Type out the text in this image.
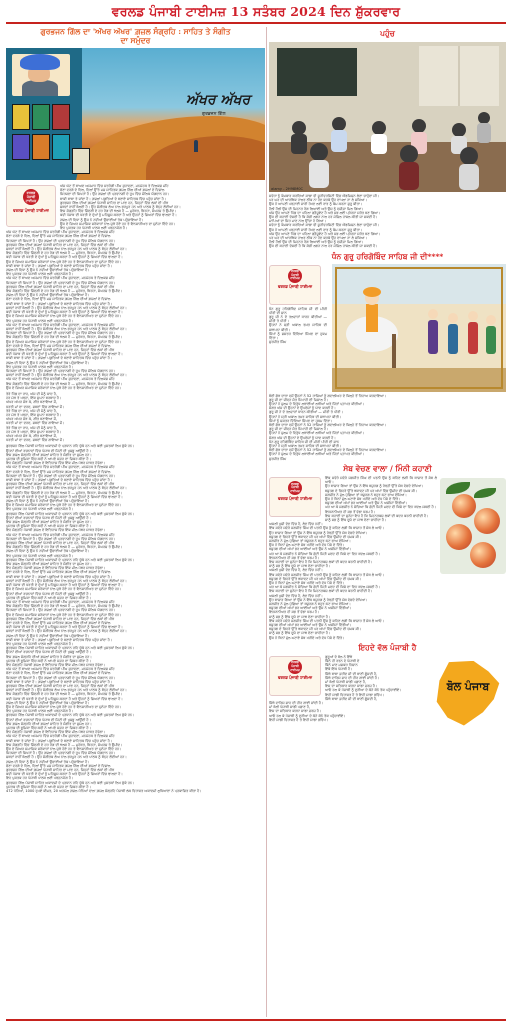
ਵਰਲਡ ਪੰਜਾਬੀ ਟਾਈਮਜ਼ 13 ਸਤੰਬਰ 2024 ਦਿਨ ਸ਼ੁੱਕਰਵਾਰ
ਗੁਰਭਜਨ ਗਿੱਲ ਦਾ 'ਅੱਖਰ ਅੱਖਰ' ਗ਼ਜ਼ਲ ਸੰਗ੍ਰਹਿ : ਸਾਹਿਤ ਤੇ ਸੰਗੀਤ
ਦਾ ਸਮੁੰਦਰ
ਅੱਖਰ ਅੱਖਰ
ਗੁਰਭਜਨ ਗਿੱਲ
ਵਰਲਡ ਪੰਜਾਬੀ ਟਾਈਮਜ਼
ਵਰਲਡ ਪੰਜਾਬੀ ਟਾਈਮਜ਼
ਅੱਜ ਘੋਟ ਤੋਂ ਬਾਅਦ ਅਸਮਾਨ ਵਿੱਚ ਸਤਰੰਗੀ ਪੀਂਘ ਸੁਹਾਵਣਾ, ਮਨਮੋਹਕ ਤੇ ਦਿਲਕਸ਼ ਮੀਂਹ
ਚੋਣਾ ਵਰਗੇ ਦੇ ਦਿਲ, ਦਿਲਾਂ ਉੱਤੇ ਮਜ਼ ਸਾਹਿਤਕ ਗ਼ਜ਼ਲ ਗਿੱਲ ਦੀਆਂ ਗ਼ਜ਼ਲਾਂ ਦੇ ਵਿਸ਼ਾਲ
ਸਿਰਜਣਾ ਦੀ ਸਿਖਰਾਂ ਹੈ। ਉਹ ਗਜ਼ਲਾਂ ਦੀ ਪ੍ਰਵਾਨਗੀ ਦੇ ਰੂਪ ਵਿੱਚ ਮੌਲਿਕ ਯੋਗਦਾਨ ਹਨ।
ਬਾਕੀ ਬਾਬਾ ਤੇ ਜਾਂਦਾ ਹੈ। ਗ਼ਜ਼ਲਾਂ ਪਗ਼ੁਤਿਆਂ ਦੇ ਬਣਾਏ ਸਾਹਿਤਕ ਵਿੱਚ ਪਹੁੰਚ ਜਾਂਦਾ ਹੈ।
ਗੁਰਭਜਨ ਗਿੱਲ ਦੀਆਂ ਗ਼ਜ਼ਲਾਂ ਪੰਜਾਬੀ ਸਾਹਿਤ ਦਾ ਮਾਣ ਹਨ, ਜਿਨ੍ਹਾਂ ਵਿੱਚ ਲੋਕਾਂ ਦੀ ਪੀੜ
ਸ਼ਬਦਾਂ ਰਾਹੀਂ ਬੋਲਦੀ ਹੈ। ਉਹ ਸੰਗੀਤਕ ਲੈਅ ਨਾਲ ਭਰਪੂਰ ਹਨ ਅਤੇ ਪਾਠਕ ਨੂੰ ਬੰਨ੍ਹ ਲੈਂਦੀਆਂ ਹਨ।
ਇਸ ਸੰਗ੍ਰਹਿ ਵਿੱਚ ਜ਼ਿੰਦਗੀ ਦੇ ਹਰ ਰੰਗ ਦੀ ਝਲਕ ਹੈ — ਮੁਹੱਬਤ, ਬਿਰਹਾ, ਸੰਘਰਸ਼ ਤੇ ਉਮੀਦ।
ਕਵੀ ਪੰਜਾਬ ਦੀ ਧਰਤੀ ਦੇ ਦੁੱਖਾਂ ਨੂੰ ਮਹਿਸੂਸ ਕਰਦਾ ਹੈ ਅਤੇ ਉਹਨਾਂ ਨੂੰ ਸ਼ਿਅਰਾਂ ਵਿੱਚ ਢਾਲਦਾ ਹੈ।
ਗ਼ਜ਼ਲ ਦੀ ਵਿਧਾ ਨੂੰ ਉਸ ਨੇ ਨਵੀਆਂ ਉਚਾਈਆਂ ਤੱਕ ਪਹੁੰਚਾਇਆ ਹੈ।
ਉਸ ਦੇ ਸ਼ਿਅਰ ਸਮਾਜਿਕ ਸਰੋਕਾਰਾਂ ਨਾਲ ਜੁੜੇ ਹੋਏ ਹਨ ਤੇ ਇਨਸਾਨੀਅਤ ਦਾ ਸੁਨੇਹਾ ਦਿੰਦੇ ਹਨ।
ਇਹ ਪੁਸਤਕ ਹਰ ਪੰਜਾਬੀ ਪਾਠਕ ਲਈ ਪੜ੍ਹਨਯੋਗ ਹੈ।
ਅੱਜ ਘੋਟ ਤੋਂ ਬਾਅਦ ਅਸਮਾਨ ਵਿੱਚ ਸਤਰੰਗੀ ਪੀਂਘ ਸੁਹਾਵਣਾ, ਮਨਮੋਹਕ ਤੇ ਦਿਲਕਸ਼ ਮੀਂਹ
ਚੋਣਾ ਵਰਗੇ ਦੇ ਦਿਲ, ਦਿਲਾਂ ਉੱਤੇ ਮਜ਼ ਸਾਹਿਤਕ ਗ਼ਜ਼ਲ ਗਿੱਲ ਦੀਆਂ ਗ਼ਜ਼ਲਾਂ ਦੇ ਵਿਸ਼ਾਲ
ਸਿਰਜਣਾ ਦੀ ਸਿਖਰਾਂ ਹੈ। ਉਹ ਗਜ਼ਲਾਂ ਦੀ ਪ੍ਰਵਾਨਗੀ ਦੇ ਰੂਪ ਵਿੱਚ ਮੌਲਿਕ ਯੋਗਦਾਨ ਹਨ।
ਗੁਰਭਜਨ ਗਿੱਲ ਦੀਆਂ ਗ਼ਜ਼ਲਾਂ ਪੰਜਾਬੀ ਸਾਹਿਤ ਦਾ ਮਾਣ ਹਨ, ਜਿਨ੍ਹਾਂ ਵਿੱਚ ਲੋਕਾਂ ਦੀ ਪੀੜ
ਸ਼ਬਦਾਂ ਰਾਹੀਂ ਬੋਲਦੀ ਹੈ। ਉਹ ਸੰਗੀਤਕ ਲੈਅ ਨਾਲ ਭਰਪੂਰ ਹਨ ਅਤੇ ਪਾਠਕ ਨੂੰ ਬੰਨ੍ਹ ਲੈਂਦੀਆਂ ਹਨ।
ਇਸ ਸੰਗ੍ਰਹਿ ਵਿੱਚ ਜ਼ਿੰਦਗੀ ਦੇ ਹਰ ਰੰਗ ਦੀ ਝਲਕ ਹੈ — ਮੁਹੱਬਤ, ਬਿਰਹਾ, ਸੰਘਰਸ਼ ਤੇ ਉਮੀਦ।
ਕਵੀ ਪੰਜਾਬ ਦੀ ਧਰਤੀ ਦੇ ਦੁੱਖਾਂ ਨੂੰ ਮਹਿਸੂਸ ਕਰਦਾ ਹੈ ਅਤੇ ਉਹਨਾਂ ਨੂੰ ਸ਼ਿਅਰਾਂ ਵਿੱਚ ਢਾਲਦਾ ਹੈ।
ਉਸ ਦੇ ਸ਼ਿਅਰ ਸਮਾਜਿਕ ਸਰੋਕਾਰਾਂ ਨਾਲ ਜੁੜੇ ਹੋਏ ਹਨ ਤੇ ਇਨਸਾਨੀਅਤ ਦਾ ਸੁਨੇਹਾ ਦਿੰਦੇ ਹਨ।
ਬਾਕੀ ਬਾਬਾ ਤੇ ਜਾਂਦਾ ਹੈ। ਗ਼ਜ਼ਲਾਂ ਪਗ਼ੁਤਿਆਂ ਦੇ ਬਣਾਏ ਸਾਹਿਤਕ ਵਿੱਚ ਪਹੁੰਚ ਜਾਂਦਾ ਹੈ।
ਗ਼ਜ਼ਲ ਦੀ ਵਿਧਾ ਨੂੰ ਉਸ ਨੇ ਨਵੀਆਂ ਉਚਾਈਆਂ ਤੱਕ ਪਹੁੰਚਾਇਆ ਹੈ।
ਇਹ ਪੁਸਤਕ ਹਰ ਪੰਜਾਬੀ ਪਾਠਕ ਲਈ ਪੜ੍ਹਨਯੋਗ ਹੈ।
ਅੱਜ ਘੋਟ ਤੋਂ ਬਾਅਦ ਅਸਮਾਨ ਵਿੱਚ ਸਤਰੰਗੀ ਪੀਂਘ ਸੁਹਾਵਣਾ, ਮਨਮੋਹਕ ਤੇ ਦਿਲਕਸ਼ ਮੀਂਹ
ਸਿਰਜਣਾ ਦੀ ਸਿਖਰਾਂ ਹੈ। ਉਹ ਗਜ਼ਲਾਂ ਦੀ ਪ੍ਰਵਾਨਗੀ ਦੇ ਰੂਪ ਵਿੱਚ ਮੌਲਿਕ ਯੋਗਦਾਨ ਹਨ।
ਗੁਰਭਜਨ ਗਿੱਲ ਦੀਆਂ ਗ਼ਜ਼ਲਾਂ ਪੰਜਾਬੀ ਸਾਹਿਤ ਦਾ ਮਾਣ ਹਨ, ਜਿਨ੍ਹਾਂ ਵਿੱਚ ਲੋਕਾਂ ਦੀ ਪੀੜ
ਇਸ ਸੰਗ੍ਰਹਿ ਵਿੱਚ ਜ਼ਿੰਦਗੀ ਦੇ ਹਰ ਰੰਗ ਦੀ ਝਲਕ ਹੈ — ਮੁਹੱਬਤ, ਬਿਰਹਾ, ਸੰਘਰਸ਼ ਤੇ ਉਮੀਦ।
ਗ਼ਜ਼ਲ ਦੀ ਵਿਧਾ ਨੂੰ ਉਸ ਨੇ ਨਵੀਆਂ ਉਚਾਈਆਂ ਤੱਕ ਪਹੁੰਚਾਇਆ ਹੈ।
ਚੋਣਾ ਵਰਗੇ ਦੇ ਦਿਲ, ਦਿਲਾਂ ਉੱਤੇ ਮਜ਼ ਸਾਹਿਤਕ ਗ਼ਜ਼ਲ ਗਿੱਲ ਦੀਆਂ ਗ਼ਜ਼ਲਾਂ ਦੇ ਵਿਸ਼ਾਲ
ਬਾਕੀ ਬਾਬਾ ਤੇ ਜਾਂਦਾ ਹੈ। ਗ਼ਜ਼ਲਾਂ ਪਗ਼ੁਤਿਆਂ ਦੇ ਬਣਾਏ ਸਾਹਿਤਕ ਵਿੱਚ ਪਹੁੰਚ ਜਾਂਦਾ ਹੈ।
ਸ਼ਬਦਾਂ ਰਾਹੀਂ ਬੋਲਦੀ ਹੈ। ਉਹ ਸੰਗੀਤਕ ਲੈਅ ਨਾਲ ਭਰਪੂਰ ਹਨ ਅਤੇ ਪਾਠਕ ਨੂੰ ਬੰਨ੍ਹ ਲੈਂਦੀਆਂ ਹਨ।
ਕਵੀ ਪੰਜਾਬ ਦੀ ਧਰਤੀ ਦੇ ਦੁੱਖਾਂ ਨੂੰ ਮਹਿਸੂਸ ਕਰਦਾ ਹੈ ਅਤੇ ਉਹਨਾਂ ਨੂੰ ਸ਼ਿਅਰਾਂ ਵਿੱਚ ਢਾਲਦਾ ਹੈ।
ਉਸ ਦੇ ਸ਼ਿਅਰ ਸਮਾਜਿਕ ਸਰੋਕਾਰਾਂ ਨਾਲ ਜੁੜੇ ਹੋਏ ਹਨ ਤੇ ਇਨਸਾਨੀਅਤ ਦਾ ਸੁਨੇਹਾ ਦਿੰਦੇ ਹਨ।
ਇਹ ਪੁਸਤਕ ਹਰ ਪੰਜਾਬੀ ਪਾਠਕ ਲਈ ਪੜ੍ਹਨਯੋਗ ਹੈ।
ਅੱਜ ਘੋਟ ਤੋਂ ਬਾਅਦ ਅਸਮਾਨ ਵਿੱਚ ਸਤਰੰਗੀ ਪੀਂਘ ਸੁਹਾਵਣਾ, ਮਨਮੋਹਕ ਤੇ ਦਿਲਕਸ਼ ਮੀਂਹ
ਸ਼ਬਦਾਂ ਰਾਹੀਂ ਬੋਲਦੀ ਹੈ। ਉਹ ਸੰਗੀਤਕ ਲੈਅ ਨਾਲ ਭਰਪੂਰ ਹਨ ਅਤੇ ਪਾਠਕ ਨੂੰ ਬੰਨ੍ਹ ਲੈਂਦੀਆਂ ਹਨ।
ਸਿਰਜਣਾ ਦੀ ਸਿਖਰਾਂ ਹੈ। ਉਹ ਗਜ਼ਲਾਂ ਦੀ ਪ੍ਰਵਾਨਗੀ ਦੇ ਰੂਪ ਵਿੱਚ ਮੌਲਿਕ ਯੋਗਦਾਨ ਹਨ।
ਇਸ ਸੰਗ੍ਰਹਿ ਵਿੱਚ ਜ਼ਿੰਦਗੀ ਦੇ ਹਰ ਰੰਗ ਦੀ ਝਲਕ ਹੈ — ਮੁਹੱਬਤ, ਬਿਰਹਾ, ਸੰਘਰਸ਼ ਤੇ ਉਮੀਦ।
ਉਸ ਦੇ ਸ਼ਿਅਰ ਸਮਾਜਿਕ ਸਰੋਕਾਰਾਂ ਨਾਲ ਜੁੜੇ ਹੋਏ ਹਨ ਤੇ ਇਨਸਾਨੀਅਤ ਦਾ ਸੁਨੇਹਾ ਦਿੰਦੇ ਹਨ।
ਚੋਣਾ ਵਰਗੇ ਦੇ ਦਿਲ, ਦਿਲਾਂ ਉੱਤੇ ਮਜ਼ ਸਾਹਿਤਕ ਗ਼ਜ਼ਲ ਗਿੱਲ ਦੀਆਂ ਗ਼ਜ਼ਲਾਂ ਦੇ ਵਿਸ਼ਾਲ
ਗੁਰਭਜਨ ਗਿੱਲ ਦੀਆਂ ਗ਼ਜ਼ਲਾਂ ਪੰਜਾਬੀ ਸਾਹਿਤ ਦਾ ਮਾਣ ਹਨ, ਜਿਨ੍ਹਾਂ ਵਿੱਚ ਲੋਕਾਂ ਦੀ ਪੀੜ
ਕਵੀ ਪੰਜਾਬ ਦੀ ਧਰਤੀ ਦੇ ਦੁੱਖਾਂ ਨੂੰ ਮਹਿਸੂਸ ਕਰਦਾ ਹੈ ਅਤੇ ਉਹਨਾਂ ਨੂੰ ਸ਼ਿਅਰਾਂ ਵਿੱਚ ਢਾਲਦਾ ਹੈ।
ਬਾਕੀ ਬਾਬਾ ਤੇ ਜਾਂਦਾ ਹੈ। ਗ਼ਜ਼ਲਾਂ ਪਗ਼ੁਤਿਆਂ ਦੇ ਬਣਾਏ ਸਾਹਿਤਕ ਵਿੱਚ ਪਹੁੰਚ ਜਾਂਦਾ ਹੈ।
ਗ਼ਜ਼ਲ ਦੀ ਵਿਧਾ ਨੂੰ ਉਸ ਨੇ ਨਵੀਆਂ ਉਚਾਈਆਂ ਤੱਕ ਪਹੁੰਚਾਇਆ ਹੈ।
ਇਹ ਪੁਸਤਕ ਹਰ ਪੰਜਾਬੀ ਪਾਠਕ ਲਈ ਪੜ੍ਹਨਯੋਗ ਹੈ।
ਸਿਰਜਣਾ ਦੀ ਸਿਖਰਾਂ ਹੈ। ਉਹ ਗਜ਼ਲਾਂ ਦੀ ਪ੍ਰਵਾਨਗੀ ਦੇ ਰੂਪ ਵਿੱਚ ਮੌਲਿਕ ਯੋਗਦਾਨ ਹਨ।
ਸ਼ਬਦਾਂ ਰਾਹੀਂ ਬੋਲਦੀ ਹੈ। ਉਹ ਸੰਗੀਤਕ ਲੈਅ ਨਾਲ ਭਰਪੂਰ ਹਨ ਅਤੇ ਪਾਠਕ ਨੂੰ ਬੰਨ੍ਹ ਲੈਂਦੀਆਂ ਹਨ।
ਅੱਜ ਘੋਟ ਤੋਂ ਬਾਅਦ ਅਸਮਾਨ ਵਿੱਚ ਸਤਰੰਗੀ ਪੀਂਘ ਸੁਹਾਵਣਾ, ਮਨਮੋਹਕ ਤੇ ਦਿਲਕਸ਼ ਮੀਂਹ
ਇਸ ਸੰਗ੍ਰਹਿ ਵਿੱਚ ਜ਼ਿੰਦਗੀ ਦੇ ਹਰ ਰੰਗ ਦੀ ਝਲਕ ਹੈ — ਮੁਹੱਬਤ, ਬਿਰਹਾ, ਸੰਘਰਸ਼ ਤੇ ਉਮੀਦ।
ਉਸ ਦੇ ਸ਼ਿਅਰ ਸਮਾਜਿਕ ਸਰੋਕਾਰਾਂ ਨਾਲ ਜੁੜੇ ਹੋਏ ਹਨ ਤੇ ਇਨਸਾਨੀਅਤ ਦਾ ਸੁਨੇਹਾ ਦਿੰਦੇ ਹਨ।
ਤੇਰੇ ਪਿੰਡ ਦਾ ਰਾਹ, ਅੱਜ ਵੀ ਮੈਨੂੰ ਯਾਦ ਹੈ,
ਹਰ ਮੋੜ ਤੇ ਖੜ੍ਹਾ, ਇੱਕ ਸੁਪਨਾ ਬਰਬਾਦ ਹੈ।
ਅੱਖਰ ਅੱਖਰ ਜੋੜ ਕੇ, ਗੀਤ ਬਣਾਇਆ ਮੈਂ,
ਧਰਤੀ ਮਾਂ ਦਾ ਦਰਦ, ਸ਼ਬਦਾਂ ਵਿੱਚ ਗਾਇਆ ਮੈਂ।
ਤੇਰੇ ਪਿੰਡ ਦਾ ਰਾਹ, ਅੱਜ ਵੀ ਮੈਨੂੰ ਯਾਦ ਹੈ,
ਹਰ ਮੋੜ ਤੇ ਖੜ੍ਹਾ, ਇੱਕ ਸੁਪਨਾ ਬਰਬਾਦ ਹੈ।
ਅੱਖਰ ਅੱਖਰ ਜੋੜ ਕੇ, ਗੀਤ ਬਣਾਇਆ ਮੈਂ,
ਧਰਤੀ ਮਾਂ ਦਾ ਦਰਦ, ਸ਼ਬਦਾਂ ਵਿੱਚ ਗਾਇਆ ਮੈਂ।
ਤੇਰੇ ਪਿੰਡ ਦਾ ਰਾਹ, ਅੱਜ ਵੀ ਮੈਨੂੰ ਯਾਦ ਹੈ,
ਹਰ ਮੋੜ ਤੇ ਖੜ੍ਹਾ, ਇੱਕ ਸੁਪਨਾ ਬਰਬਾਦ ਹੈ।
ਅੱਖਰ ਅੱਖਰ ਜੋੜ ਕੇ, ਗੀਤ ਬਣਾਇਆ ਮੈਂ,
ਧਰਤੀ ਮਾਂ ਦਾ ਦਰਦ, ਸ਼ਬਦਾਂ ਵਿੱਚ ਗਾਇਆ ਮੈਂ।
ਗੁਰਭਜਨ ਗਿੱਲ ਪੰਜਾਬੀ ਸਾਹਿਤ ਅਕਾਦਮੀ ਦੇ ਪ੍ਰਧਾਨ ਰਹਿ ਚੁੱਕੇ ਹਨ ਅਤੇ ਕਈ ਪੁਸਤਕਾਂ ਲਿਖ ਚੁੱਕੇ ਹਨ।
ਉਹਨਾਂ ਦੀਆਂ ਰਚਨਾਵਾਂ ਵਿੱਚ ਪੰਜਾਬ ਦੀ ਮਿੱਟੀ ਦੀ ਖੁਸ਼ਬੂ ਆਉਂਦੀ ਹੈ।
ਇਸ ਗ਼ਜ਼ਲ ਸੰਗ੍ਰਹਿ ਦੀਆਂ ਗ਼ਜ਼ਲਾਂ ਸਾਹਿਤ ਤੇ ਸੰਗੀਤ ਦਾ ਸੁਮੇਲ ਹਨ।
ਪੁਸਤਕ ਦੀ ਭੂਮਿਕਾ ਵਿੱਚ ਕਵੀ ਨੇ ਆਪਣੇ ਸਫ਼ਰ ਦਾ ਜ਼ਿਕਰ ਕੀਤਾ ਹੈ।
ਇਹ ਸੰਗ੍ਰਹਿ ਪੰਜਾਬੀ ਗ਼ਜ਼ਲ ਦੇ ਇਤਿਹਾਸ ਵਿੱਚ ਇੱਕ ਮੀਲ ਪੱਥਰ ਸਾਬਤ ਹੋਵੇਗਾ।
ਅੱਜ ਘੋਟ ਤੋਂ ਬਾਅਦ ਅਸਮਾਨ ਵਿੱਚ ਸਤਰੰਗੀ ਪੀਂਘ ਸੁਹਾਵਣਾ, ਮਨਮੋਹਕ ਤੇ ਦਿਲਕਸ਼ ਮੀਂਹ
ਚੋਣਾ ਵਰਗੇ ਦੇ ਦਿਲ, ਦਿਲਾਂ ਉੱਤੇ ਮਜ਼ ਸਾਹਿਤਕ ਗ਼ਜ਼ਲ ਗਿੱਲ ਦੀਆਂ ਗ਼ਜ਼ਲਾਂ ਦੇ ਵਿਸ਼ਾਲ
ਸਿਰਜਣਾ ਦੀ ਸਿਖਰਾਂ ਹੈ। ਉਹ ਗਜ਼ਲਾਂ ਦੀ ਪ੍ਰਵਾਨਗੀ ਦੇ ਰੂਪ ਵਿੱਚ ਮੌਲਿਕ ਯੋਗਦਾਨ ਹਨ।
ਬਾਕੀ ਬਾਬਾ ਤੇ ਜਾਂਦਾ ਹੈ। ਗ਼ਜ਼ਲਾਂ ਪਗ਼ੁਤਿਆਂ ਦੇ ਬਣਾਏ ਸਾਹਿਤਕ ਵਿੱਚ ਪਹੁੰਚ ਜਾਂਦਾ ਹੈ।
ਗੁਰਭਜਨ ਗਿੱਲ ਦੀਆਂ ਗ਼ਜ਼ਲਾਂ ਪੰਜਾਬੀ ਸਾਹਿਤ ਦਾ ਮਾਣ ਹਨ, ਜਿਨ੍ਹਾਂ ਵਿੱਚ ਲੋਕਾਂ ਦੀ ਪੀੜ
ਸ਼ਬਦਾਂ ਰਾਹੀਂ ਬੋਲਦੀ ਹੈ। ਉਹ ਸੰਗੀਤਕ ਲੈਅ ਨਾਲ ਭਰਪੂਰ ਹਨ ਅਤੇ ਪਾਠਕ ਨੂੰ ਬੰਨ੍ਹ ਲੈਂਦੀਆਂ ਹਨ।
ਇਸ ਸੰਗ੍ਰਹਿ ਵਿੱਚ ਜ਼ਿੰਦਗੀ ਦੇ ਹਰ ਰੰਗ ਦੀ ਝਲਕ ਹੈ — ਮੁਹੱਬਤ, ਬਿਰਹਾ, ਸੰਘਰਸ਼ ਤੇ ਉਮੀਦ।
ਕਵੀ ਪੰਜਾਬ ਦੀ ਧਰਤੀ ਦੇ ਦੁੱਖਾਂ ਨੂੰ ਮਹਿਸੂਸ ਕਰਦਾ ਹੈ ਅਤੇ ਉਹਨਾਂ ਨੂੰ ਸ਼ਿਅਰਾਂ ਵਿੱਚ ਢਾਲਦਾ ਹੈ।
ਗ਼ਜ਼ਲ ਦੀ ਵਿਧਾ ਨੂੰ ਉਸ ਨੇ ਨਵੀਆਂ ਉਚਾਈਆਂ ਤੱਕ ਪਹੁੰਚਾਇਆ ਹੈ।
ਉਸ ਦੇ ਸ਼ਿਅਰ ਸਮਾਜਿਕ ਸਰੋਕਾਰਾਂ ਨਾਲ ਜੁੜੇ ਹੋਏ ਹਨ ਤੇ ਇਨਸਾਨੀਅਤ ਦਾ ਸੁਨੇਹਾ ਦਿੰਦੇ ਹਨ।
ਇਹ ਪੁਸਤਕ ਹਰ ਪੰਜਾਬੀ ਪਾਠਕ ਲਈ ਪੜ੍ਹਨਯੋਗ ਹੈ।
ਗੁਰਭਜਨ ਗਿੱਲ ਪੰਜਾਬੀ ਸਾਹਿਤ ਅਕਾਦਮੀ ਦੇ ਪ੍ਰਧਾਨ ਰਹਿ ਚੁੱਕੇ ਹਨ ਅਤੇ ਕਈ ਪੁਸਤਕਾਂ ਲਿਖ ਚੁੱਕੇ ਹਨ।
ਉਹਨਾਂ ਦੀਆਂ ਰਚਨਾਵਾਂ ਵਿੱਚ ਪੰਜਾਬ ਦੀ ਮਿੱਟੀ ਦੀ ਖੁਸ਼ਬੂ ਆਉਂਦੀ ਹੈ।
ਇਸ ਗ਼ਜ਼ਲ ਸੰਗ੍ਰਹਿ ਦੀਆਂ ਗ਼ਜ਼ਲਾਂ ਸਾਹਿਤ ਤੇ ਸੰਗੀਤ ਦਾ ਸੁਮੇਲ ਹਨ।
ਪੁਸਤਕ ਦੀ ਭੂਮਿਕਾ ਵਿੱਚ ਕਵੀ ਨੇ ਆਪਣੇ ਸਫ਼ਰ ਦਾ ਜ਼ਿਕਰ ਕੀਤਾ ਹੈ।
ਇਹ ਸੰਗ੍ਰਹਿ ਪੰਜਾਬੀ ਗ਼ਜ਼ਲ ਦੇ ਇਤਿਹਾਸ ਵਿੱਚ ਇੱਕ ਮੀਲ ਪੱਥਰ ਸਾਬਤ ਹੋਵੇਗਾ।
ਅੱਜ ਘੋਟ ਤੋਂ ਬਾਅਦ ਅਸਮਾਨ ਵਿੱਚ ਸਤਰੰਗੀ ਪੀਂਘ ਸੁਹਾਵਣਾ, ਮਨਮੋਹਕ ਤੇ ਦਿਲਕਸ਼ ਮੀਂਹ
ਸਿਰਜਣਾ ਦੀ ਸਿਖਰਾਂ ਹੈ। ਉਹ ਗਜ਼ਲਾਂ ਦੀ ਪ੍ਰਵਾਨਗੀ ਦੇ ਰੂਪ ਵਿੱਚ ਮੌਲਿਕ ਯੋਗਦਾਨ ਹਨ।
ਗੁਰਭਜਨ ਗਿੱਲ ਦੀਆਂ ਗ਼ਜ਼ਲਾਂ ਪੰਜਾਬੀ ਸਾਹਿਤ ਦਾ ਮਾਣ ਹਨ, ਜਿਨ੍ਹਾਂ ਵਿੱਚ ਲੋਕਾਂ ਦੀ ਪੀੜ
ਇਸ ਸੰਗ੍ਰਹਿ ਵਿੱਚ ਜ਼ਿੰਦਗੀ ਦੇ ਹਰ ਰੰਗ ਦੀ ਝਲਕ ਹੈ — ਮੁਹੱਬਤ, ਬਿਰਹਾ, ਸੰਘਰਸ਼ ਤੇ ਉਮੀਦ।
ਗ਼ਜ਼ਲ ਦੀ ਵਿਧਾ ਨੂੰ ਉਸ ਨੇ ਨਵੀਆਂ ਉਚਾਈਆਂ ਤੱਕ ਪਹੁੰਚਾਇਆ ਹੈ।
ਇਹ ਪੁਸਤਕ ਹਰ ਪੰਜਾਬੀ ਪਾਠਕ ਲਈ ਪੜ੍ਹਨਯੋਗ ਹੈ।
ਗੁਰਭਜਨ ਗਿੱਲ ਪੰਜਾਬੀ ਸਾਹਿਤ ਅਕਾਦਮੀ ਦੇ ਪ੍ਰਧਾਨ ਰਹਿ ਚੁੱਕੇ ਹਨ ਅਤੇ ਕਈ ਪੁਸਤਕਾਂ ਲਿਖ ਚੁੱਕੇ ਹਨ।
ਇਸ ਗ਼ਜ਼ਲ ਸੰਗ੍ਰਹਿ ਦੀਆਂ ਗ਼ਜ਼ਲਾਂ ਸਾਹਿਤ ਤੇ ਸੰਗੀਤ ਦਾ ਸੁਮੇਲ ਹਨ।
ਇਹ ਸੰਗ੍ਰਹਿ ਪੰਜਾਬੀ ਗ਼ਜ਼ਲ ਦੇ ਇਤਿਹਾਸ ਵਿੱਚ ਇੱਕ ਮੀਲ ਪੱਥਰ ਸਾਬਤ ਹੋਵੇਗਾ।
ਚੋਣਾ ਵਰਗੇ ਦੇ ਦਿਲ, ਦਿਲਾਂ ਉੱਤੇ ਮਜ਼ ਸਾਹਿਤਕ ਗ਼ਜ਼ਲ ਗਿੱਲ ਦੀਆਂ ਗ਼ਜ਼ਲਾਂ ਦੇ ਵਿਸ਼ਾਲ
ਬਾਕੀ ਬਾਬਾ ਤੇ ਜਾਂਦਾ ਹੈ। ਗ਼ਜ਼ਲਾਂ ਪਗ਼ੁਤਿਆਂ ਦੇ ਬਣਾਏ ਸਾਹਿਤਕ ਵਿੱਚ ਪਹੁੰਚ ਜਾਂਦਾ ਹੈ।
ਸ਼ਬਦਾਂ ਰਾਹੀਂ ਬੋਲਦੀ ਹੈ। ਉਹ ਸੰਗੀਤਕ ਲੈਅ ਨਾਲ ਭਰਪੂਰ ਹਨ ਅਤੇ ਪਾਠਕ ਨੂੰ ਬੰਨ੍ਹ ਲੈਂਦੀਆਂ ਹਨ।
ਕਵੀ ਪੰਜਾਬ ਦੀ ਧਰਤੀ ਦੇ ਦੁੱਖਾਂ ਨੂੰ ਮਹਿਸੂਸ ਕਰਦਾ ਹੈ ਅਤੇ ਉਹਨਾਂ ਨੂੰ ਸ਼ਿਅਰਾਂ ਵਿੱਚ ਢਾਲਦਾ ਹੈ।
ਉਸ ਦੇ ਸ਼ਿਅਰ ਸਮਾਜਿਕ ਸਰੋਕਾਰਾਂ ਨਾਲ ਜੁੜੇ ਹੋਏ ਹਨ ਤੇ ਇਨਸਾਨੀਅਤ ਦਾ ਸੁਨੇਹਾ ਦਿੰਦੇ ਹਨ।
ਉਹਨਾਂ ਦੀਆਂ ਰਚਨਾਵਾਂ ਵਿੱਚ ਪੰਜਾਬ ਦੀ ਮਿੱਟੀ ਦੀ ਖੁਸ਼ਬੂ ਆਉਂਦੀ ਹੈ।
ਪੁਸਤਕ ਦੀ ਭੂਮਿਕਾ ਵਿੱਚ ਕਵੀ ਨੇ ਆਪਣੇ ਸਫ਼ਰ ਦਾ ਜ਼ਿਕਰ ਕੀਤਾ ਹੈ।
ਅੱਜ ਘੋਟ ਤੋਂ ਬਾਅਦ ਅਸਮਾਨ ਵਿੱਚ ਸਤਰੰਗੀ ਪੀਂਘ ਸੁਹਾਵਣਾ, ਮਨਮੋਹਕ ਤੇ ਦਿਲਕਸ਼ ਮੀਂਹ
ਇਸ ਸੰਗ੍ਰਹਿ ਵਿੱਚ ਜ਼ਿੰਦਗੀ ਦੇ ਹਰ ਰੰਗ ਦੀ ਝਲਕ ਹੈ — ਮੁਹੱਬਤ, ਬਿਰਹਾ, ਸੰਘਰਸ਼ ਤੇ ਉਮੀਦ।
ਸਿਰਜਣਾ ਦੀ ਸਿਖਰਾਂ ਹੈ। ਉਹ ਗਜ਼ਲਾਂ ਦੀ ਪ੍ਰਵਾਨਗੀ ਦੇ ਰੂਪ ਵਿੱਚ ਮੌਲਿਕ ਯੋਗਦਾਨ ਹਨ।
ਉਸ ਦੇ ਸ਼ਿਅਰ ਸਮਾਜਿਕ ਸਰੋਕਾਰਾਂ ਨਾਲ ਜੁੜੇ ਹੋਏ ਹਨ ਤੇ ਇਨਸਾਨੀਅਤ ਦਾ ਸੁਨੇਹਾ ਦਿੰਦੇ ਹਨ।
ਗੁਰਭਜਨ ਗਿੱਲ ਦੀਆਂ ਗ਼ਜ਼ਲਾਂ ਪੰਜਾਬੀ ਸਾਹਿਤ ਦਾ ਮਾਣ ਹਨ, ਜਿਨ੍ਹਾਂ ਵਿੱਚ ਲੋਕਾਂ ਦੀ ਪੀੜ
ਚੋਣਾ ਵਰਗੇ ਦੇ ਦਿਲ, ਦਿਲਾਂ ਉੱਤੇ ਮਜ਼ ਸਾਹਿਤਕ ਗ਼ਜ਼ਲ ਗਿੱਲ ਦੀਆਂ ਗ਼ਜ਼ਲਾਂ ਦੇ ਵਿਸ਼ਾਲ
ਕਵੀ ਪੰਜਾਬ ਦੀ ਧਰਤੀ ਦੇ ਦੁੱਖਾਂ ਨੂੰ ਮਹਿਸੂਸ ਕਰਦਾ ਹੈ ਅਤੇ ਉਹਨਾਂ ਨੂੰ ਸ਼ਿਅਰਾਂ ਵਿੱਚ ਢਾਲਦਾ ਹੈ।
ਸ਼ਬਦਾਂ ਰਾਹੀਂ ਬੋਲਦੀ ਹੈ। ਉਹ ਸੰਗੀਤਕ ਲੈਅ ਨਾਲ ਭਰਪੂਰ ਹਨ ਅਤੇ ਪਾਠਕ ਨੂੰ ਬੰਨ੍ਹ ਲੈਂਦੀਆਂ ਹਨ।
ਗ਼ਜ਼ਲ ਦੀ ਵਿਧਾ ਨੂੰ ਉਸ ਨੇ ਨਵੀਆਂ ਉਚਾਈਆਂ ਤੱਕ ਪਹੁੰਚਾਇਆ ਹੈ।
ਬਾਕੀ ਬਾਬਾ ਤੇ ਜਾਂਦਾ ਹੈ। ਗ਼ਜ਼ਲਾਂ ਪਗ਼ੁਤਿਆਂ ਦੇ ਬਣਾਏ ਸਾਹਿਤਕ ਵਿੱਚ ਪਹੁੰਚ ਜਾਂਦਾ ਹੈ।
ਇਹ ਪੁਸਤਕ ਹਰ ਪੰਜਾਬੀ ਪਾਠਕ ਲਈ ਪੜ੍ਹਨਯੋਗ ਹੈ।
ਗੁਰਭਜਨ ਗਿੱਲ ਪੰਜਾਬੀ ਸਾਹਿਤ ਅਕਾਦਮੀ ਦੇ ਪ੍ਰਧਾਨ ਰਹਿ ਚੁੱਕੇ ਹਨ ਅਤੇ ਕਈ ਪੁਸਤਕਾਂ ਲਿਖ ਚੁੱਕੇ ਹਨ।
ਉਹਨਾਂ ਦੀਆਂ ਰਚਨਾਵਾਂ ਵਿੱਚ ਪੰਜਾਬ ਦੀ ਮਿੱਟੀ ਦੀ ਖੁਸ਼ਬੂ ਆਉਂਦੀ ਹੈ।
ਇਸ ਗ਼ਜ਼ਲ ਸੰਗ੍ਰਹਿ ਦੀਆਂ ਗ਼ਜ਼ਲਾਂ ਸਾਹਿਤ ਤੇ ਸੰਗੀਤ ਦਾ ਸੁਮੇਲ ਹਨ।
ਪੁਸਤਕ ਦੀ ਭੂਮਿਕਾ ਵਿੱਚ ਕਵੀ ਨੇ ਆਪਣੇ ਸਫ਼ਰ ਦਾ ਜ਼ਿਕਰ ਕੀਤਾ ਹੈ।
ਇਹ ਸੰਗ੍ਰਹਿ ਪੰਜਾਬੀ ਗ਼ਜ਼ਲ ਦੇ ਇਤਿਹਾਸ ਵਿੱਚ ਇੱਕ ਮੀਲ ਪੱਥਰ ਸਾਬਤ ਹੋਵੇਗਾ।
ਅੱਜ ਘੋਟ ਤੋਂ ਬਾਅਦ ਅਸਮਾਨ ਵਿੱਚ ਸਤਰੰਗੀ ਪੀਂਘ ਸੁਹਾਵਣਾ, ਮਨਮੋਹਕ ਤੇ ਦਿਲਕਸ਼ ਮੀਂਹ
ਚੋਣਾ ਵਰਗੇ ਦੇ ਦਿਲ, ਦਿਲਾਂ ਉੱਤੇ ਮਜ਼ ਸਾਹਿਤਕ ਗ਼ਜ਼ਲ ਗਿੱਲ ਦੀਆਂ ਗ਼ਜ਼ਲਾਂ ਦੇ ਵਿਸ਼ਾਲ
ਸਿਰਜਣਾ ਦੀ ਸਿਖਰਾਂ ਹੈ। ਉਹ ਗਜ਼ਲਾਂ ਦੀ ਪ੍ਰਵਾਨਗੀ ਦੇ ਰੂਪ ਵਿੱਚ ਮੌਲਿਕ ਯੋਗਦਾਨ ਹਨ।
ਬਾਕੀ ਬਾਬਾ ਤੇ ਜਾਂਦਾ ਹੈ। ਗ਼ਜ਼ਲਾਂ ਪਗ਼ੁਤਿਆਂ ਦੇ ਬਣਾਏ ਸਾਹਿਤਕ ਵਿੱਚ ਪਹੁੰਚ ਜਾਂਦਾ ਹੈ।
ਗੁਰਭਜਨ ਗਿੱਲ ਦੀਆਂ ਗ਼ਜ਼ਲਾਂ ਪੰਜਾਬੀ ਸਾਹਿਤ ਦਾ ਮਾਣ ਹਨ, ਜਿਨ੍ਹਾਂ ਵਿੱਚ ਲੋਕਾਂ ਦੀ ਪੀੜ
ਸ਼ਬਦਾਂ ਰਾਹੀਂ ਬੋਲਦੀ ਹੈ। ਉਹ ਸੰਗੀਤਕ ਲੈਅ ਨਾਲ ਭਰਪੂਰ ਹਨ ਅਤੇ ਪਾਠਕ ਨੂੰ ਬੰਨ੍ਹ ਲੈਂਦੀਆਂ ਹਨ।
ਇਸ ਸੰਗ੍ਰਹਿ ਵਿੱਚ ਜ਼ਿੰਦਗੀ ਦੇ ਹਰ ਰੰਗ ਦੀ ਝਲਕ ਹੈ — ਮੁਹੱਬਤ, ਬਿਰਹਾ, ਸੰਘਰਸ਼ ਤੇ ਉਮੀਦ।
ਕਵੀ ਪੰਜਾਬ ਦੀ ਧਰਤੀ ਦੇ ਦੁੱਖਾਂ ਨੂੰ ਮਹਿਸੂਸ ਕਰਦਾ ਹੈ ਅਤੇ ਉਹਨਾਂ ਨੂੰ ਸ਼ਿਅਰਾਂ ਵਿੱਚ ਢਾਲਦਾ ਹੈ।
ਗ਼ਜ਼ਲ ਦੀ ਵਿਧਾ ਨੂੰ ਉਸ ਨੇ ਨਵੀਆਂ ਉਚਾਈਆਂ ਤੱਕ ਪਹੁੰਚਾਇਆ ਹੈ।
ਉਸ ਦੇ ਸ਼ਿਅਰ ਸਮਾਜਿਕ ਸਰੋਕਾਰਾਂ ਨਾਲ ਜੁੜੇ ਹੋਏ ਹਨ ਤੇ ਇਨਸਾਨੀਅਤ ਦਾ ਸੁਨੇਹਾ ਦਿੰਦੇ ਹਨ।
ਇਹ ਪੁਸਤਕ ਹਰ ਪੰਜਾਬੀ ਪਾਠਕ ਲਈ ਪੜ੍ਹਨਯੋਗ ਹੈ।
ਗੁਰਭਜਨ ਗਿੱਲ ਪੰਜਾਬੀ ਸਾਹਿਤ ਅਕਾਦਮੀ ਦੇ ਪ੍ਰਧਾਨ ਰਹਿ ਚੁੱਕੇ ਹਨ ਅਤੇ ਕਈ ਪੁਸਤਕਾਂ ਲਿਖ ਚੁੱਕੇ ਹਨ।
ਉਹਨਾਂ ਦੀਆਂ ਰਚਨਾਵਾਂ ਵਿੱਚ ਪੰਜਾਬ ਦੀ ਮਿੱਟੀ ਦੀ ਖੁਸ਼ਬੂ ਆਉਂਦੀ ਹੈ।
ਇਸ ਗ਼ਜ਼ਲ ਸੰਗ੍ਰਹਿ ਦੀਆਂ ਗ਼ਜ਼ਲਾਂ ਸਾਹਿਤ ਤੇ ਸੰਗੀਤ ਦਾ ਸੁਮੇਲ ਹਨ।
ਪੁਸਤਕ ਦੀ ਭੂਮਿਕਾ ਵਿੱਚ ਕਵੀ ਨੇ ਆਪਣੇ ਸਫ਼ਰ ਦਾ ਜ਼ਿਕਰ ਕੀਤਾ ਹੈ।
ਇਹ ਸੰਗ੍ਰਹਿ ਪੰਜਾਬੀ ਗ਼ਜ਼ਲ ਦੇ ਇਤਿਹਾਸ ਵਿੱਚ ਇੱਕ ਮੀਲ ਪੱਥਰ ਸਾਬਤ ਹੋਵੇਗਾ।
ਅੱਜ ਘੋਟ ਤੋਂ ਬਾਅਦ ਅਸਮਾਨ ਵਿੱਚ ਸਤਰੰਗੀ ਪੀਂਘ ਸੁਹਾਵਣਾ, ਮਨਮੋਹਕ ਤੇ ਦਿਲਕਸ਼ ਮੀਂਹ
ਬਾਕੀ ਬਾਬਾ ਤੇ ਜਾਂਦਾ ਹੈ। ਗ਼ਜ਼ਲਾਂ ਪਗ਼ੁਤਿਆਂ ਦੇ ਬਣਾਏ ਸਾਹਿਤਕ ਵਿੱਚ ਪਹੁੰਚ ਜਾਂਦਾ ਹੈ।
ਇਸ ਸੰਗ੍ਰਹਿ ਵਿੱਚ ਜ਼ਿੰਦਗੀ ਦੇ ਹਰ ਰੰਗ ਦੀ ਝਲਕ ਹੈ — ਮੁਹੱਬਤ, ਬਿਰਹਾ, ਸੰਘਰਸ਼ ਤੇ ਉਮੀਦ।
ਉਸ ਦੇ ਸ਼ਿਅਰ ਸਮਾਜਿਕ ਸਰੋਕਾਰਾਂ ਨਾਲ ਜੁੜੇ ਹੋਏ ਹਨ ਤੇ ਇਨਸਾਨੀਅਤ ਦਾ ਸੁਨੇਹਾ ਦਿੰਦੇ ਹਨ।
ਸਿਰਜਣਾ ਦੀ ਸਿਖਰਾਂ ਹੈ। ਉਹ ਗਜ਼ਲਾਂ ਦੀ ਪ੍ਰਵਾਨਗੀ ਦੇ ਰੂਪ ਵਿੱਚ ਮੌਲਿਕ ਯੋਗਦਾਨ ਹਨ।
ਸ਼ਬਦਾਂ ਰਾਹੀਂ ਬੋਲਦੀ ਹੈ। ਉਹ ਸੰਗੀਤਕ ਲੈਅ ਨਾਲ ਭਰਪੂਰ ਹਨ ਅਤੇ ਪਾਠਕ ਨੂੰ ਬੰਨ੍ਹ ਲੈਂਦੀਆਂ ਹਨ।
ਗ਼ਜ਼ਲ ਦੀ ਵਿਧਾ ਨੂੰ ਉਸ ਨੇ ਨਵੀਆਂ ਉਚਾਈਆਂ ਤੱਕ ਪਹੁੰਚਾਇਆ ਹੈ।
ਚੋਣਾ ਵਰਗੇ ਦੇ ਦਿਲ, ਦਿਲਾਂ ਉੱਤੇ ਮਜ਼ ਸਾਹਿਤਕ ਗ਼ਜ਼ਲ ਗਿੱਲ ਦੀਆਂ ਗ਼ਜ਼ਲਾਂ ਦੇ ਵਿਸ਼ਾਲ
ਗੁਰਭਜਨ ਗਿੱਲ ਦੀਆਂ ਗ਼ਜ਼ਲਾਂ ਪੰਜਾਬੀ ਸਾਹਿਤ ਦਾ ਮਾਣ ਹਨ, ਜਿਨ੍ਹਾਂ ਵਿੱਚ ਲੋਕਾਂ ਦੀ ਪੀੜ
ਕਵੀ ਪੰਜਾਬ ਦੀ ਧਰਤੀ ਦੇ ਦੁੱਖਾਂ ਨੂੰ ਮਹਿਸੂਸ ਕਰਦਾ ਹੈ ਅਤੇ ਉਹਨਾਂ ਨੂੰ ਸ਼ਿਅਰਾਂ ਵਿੱਚ ਢਾਲਦਾ ਹੈ।
ਇਹ ਪੁਸਤਕ ਹਰ ਪੰਜਾਬੀ ਪਾਠਕ ਲਈ ਪੜ੍ਹਨਯੋਗ ਹੈ।
ਗੁਰਭਜਨ ਗਿੱਲ ਪੰਜਾਬੀ ਸਾਹਿਤ ਅਕਾਦਮੀ ਦੇ ਪ੍ਰਧਾਨ ਰਹਿ ਚੁੱਕੇ ਹਨ ਅਤੇ ਕਈ ਪੁਸਤਕਾਂ ਲਿਖ ਚੁੱਕੇ ਹਨ।
ਪੁਸਤਕ ਦੀ ਭੂਮਿਕਾ ਵਿੱਚ ਕਵੀ ਨੇ ਆਪਣੇ ਸਫ਼ਰ ਦਾ ਜ਼ਿਕਰ ਕੀਤਾ ਹੈ।
472 ਪੰਨਿਆਂ, 1000 ਰੁਪਏ ਕੀਮਤ, 20 ਅਨਮੋਲ ਗ਼ਜ਼ਲ ਪੰਨਿਆਂ ਵਾਲਾ ਗ਼ਜ਼ਲ ਸੰਗ੍ਰਹਿ ਪੰਜਾਬੀ ਲੋਕ ਵਿਰਾਸਤ ਅਕਾਦਮੀ ਲੁਧਿਆਣਾ ਨੇ ਪ੍ਰਕਾਸ਼ਿਤ ਕੀਤਾ ਹੈ।
ਪਹੁੰਚ
alamy - 2H98M0C
ਸਵੇਰਾ ਨੂੰ ਕੰਮਕਾਰ ਕਰਦਿਆਂ ਸਾਡਾ ਵੀ ਯੂਨੀਵਰਸਿਟੀ ਵਿੱਚ ਐਡਮਿਸ਼ਨ ਲੈਣਾ ਚਾਹੁੰਦਾ ਸੀ।
ਪਰ ਘਰ ਦੀ ਆਰਥਿਕ ਹਾਲਤ ਠੀਕ ਨਾ ਹੋਣ ਕਰਕੇ ਉਹ ਦਾਖਲਾ ਨਾ ਲੈ ਸਕਿਆ।
ਉਸ ਨੇ ਆਪਣੀ ਪੜ੍ਹਾਈ ਜਾਰੀ ਰੱਖਣ ਲਈ ਰਾਤ ਨੂੰ ਕੰਮ ਕਰਨਾ ਸ਼ੁਰੂ ਕੀਤਾ।
ਹੌਲੀ ਹੌਲੀ ਉਸ ਦੀ ਮਿਹਨਤ ਰੰਗ ਲਿਆਈ ਅਤੇ ਉਸ ਨੂੰ ਵਜ਼ੀਫ਼ਾ ਮਿਲ ਗਿਆ।
ਅੱਜ ਉਹ ਆਪਣੇ ਪਿੰਡ ਦਾ ਪਹਿਲਾ ਗ੍ਰੈਜੂਏਟ ਹੈ ਅਤੇ ਸਭ ਲਈ ਪ੍ਰੇਰਨਾ ਸਰੋਤ ਬਣ ਗਿਆ।
ਉਸ ਦੀ ਕਹਾਣੀ ਦੱਸਦੀ ਹੈ ਕਿ ਸੱਚੀ ਲਗਨ ਨਾਲ ਹਰ ਮੰਜ਼ਿਲ ਹਾਸਲ ਕੀਤੀ ਜਾ ਸਕਦੀ ਹੈ।
ਮਾਪਿਆਂ ਦਾ ਸਿਰ ਮਾਣ ਨਾਲ ਉੱਚਾ ਹੋ ਗਿਆ।
ਸਵੇਰਾ ਨੂੰ ਕੰਮਕਾਰ ਕਰਦਿਆਂ ਸਾਡਾ ਵੀ ਯੂਨੀਵਰਸਿਟੀ ਵਿੱਚ ਐਡਮਿਸ਼ਨ ਲੈਣਾ ਚਾਹੁੰਦਾ ਸੀ।
ਉਸ ਨੇ ਆਪਣੀ ਪੜ੍ਹਾਈ ਜਾਰੀ ਰੱਖਣ ਲਈ ਰਾਤ ਨੂੰ ਕੰਮ ਕਰਨਾ ਸ਼ੁਰੂ ਕੀਤਾ।
ਅੱਜ ਉਹ ਆਪਣੇ ਪਿੰਡ ਦਾ ਪਹਿਲਾ ਗ੍ਰੈਜੂਏਟ ਹੈ ਅਤੇ ਸਭ ਲਈ ਪ੍ਰੇਰਨਾ ਸਰੋਤ ਬਣ ਗਿਆ।
ਪਰ ਘਰ ਦੀ ਆਰਥਿਕ ਹਾਲਤ ਠੀਕ ਨਾ ਹੋਣ ਕਰਕੇ ਉਹ ਦਾਖਲਾ ਨਾ ਲੈ ਸਕਿਆ।
ਹੌਲੀ ਹੌਲੀ ਉਸ ਦੀ ਮਿਹਨਤ ਰੰਗ ਲਿਆਈ ਅਤੇ ਉਸ ਨੂੰ ਵਜ਼ੀਫ਼ਾ ਮਿਲ ਗਿਆ।
ਉਸ ਦੀ ਕਹਾਣੀ ਦੱਸਦੀ ਹੈ ਕਿ ਸੱਚੀ ਲਗਨ ਨਾਲ ਹਰ ਮੰਜ਼ਿਲ ਹਾਸਲ ਕੀਤੀ ਜਾ ਸਕਦੀ ਹੈ।
ਧੰਨ ਗੁਰੂ ਹਰਿਗੋਬਿੰਦ ਸਾਹਿਬ ਜੀ ਦੀ****
ਵਰਲਡ ਪੰਜਾਬੀ ਟਾਈਮਜ਼
ਵਰਲਡ ਪੰਜਾਬੀ ਟਾਈਮਜ਼
ਧੰਨ ਗੁਰੂ ਹਰਿਗੋਬਿੰਦ ਸਾਹਿਬ ਜੀ ਦੀ ਮੀਰੀ ਪੀਰੀ ਦੀ ਸ਼ਾਨ
ਗੁਰੂ ਜੀ ਨੇ ਦੋ ਤਲਵਾਰਾਂ ਧਾਰਨ ਕੀਤੀਆਂ — ਮੀਰੀ ਤੇ ਪੀਰੀ।
ਉਹਨਾਂ ਨੇ ਸ੍ਰੀ ਅਕਾਲ ਤਖ਼ਤ ਸਾਹਿਬ ਦੀ ਸਥਾਪਨਾ ਕੀਤੀ।
ਸਿੱਖਾਂ ਨੂੰ ਸ਼ਸਤਰ ਵਿੱਦਿਆ ਸਿੱਖਣ ਦਾ ਹੁਕਮ ਦਿੱਤਾ।
ਸੁਰਜੀਤ ਸਿੰਘ
ਬੰਦੀ ਛੋੜ ਦਾਤਾ ਵਜੋਂ ਉਹਨਾਂ ਨੇ 52 ਰਾਜਿਆਂ ਨੂੰ ਗਵਾਲੀਅਰ ਦੇ ਕਿਲ੍ਹੇ ਤੋਂ ਰਿਹਾਅ ਕਰਵਾਇਆ।
ਗੁਰੂ ਜੀ ਦਾ ਜੀਵਨ ਸੰਤ ਸਿਪਾਹੀ ਦੀ ਮਿਸਾਲ ਹੈ।
ਉਹਨਾਂ ਨੇ ਜ਼ੁਲਮ ਦੇ ਵਿਰੁੱਧ ਲੜਾਈਆਂ ਲੜੀਆਂ ਅਤੇ ਜਿੱਤਾਂ ਪ੍ਰਾਪਤ ਕੀਤੀਆਂ।
ਸੰਗਤ ਅੱਜ ਵੀ ਉਹਨਾਂ ਦੇ ਉਪਦੇਸ਼ਾਂ ਨੂੰ ਯਾਦ ਕਰਦੀ ਹੈ।
ਗੁਰੂ ਜੀ ਨੇ ਦੋ ਤਲਵਾਰਾਂ ਧਾਰਨ ਕੀਤੀਆਂ — ਮੀਰੀ ਤੇ ਪੀਰੀ।
ਉਹਨਾਂ ਨੇ ਸ੍ਰੀ ਅਕਾਲ ਤਖ਼ਤ ਸਾਹਿਬ ਦੀ ਸਥਾਪਨਾ ਕੀਤੀ।
ਸਿੱਖਾਂ ਨੂੰ ਸ਼ਸਤਰ ਵਿੱਦਿਆ ਸਿੱਖਣ ਦਾ ਹੁਕਮ ਦਿੱਤਾ।
ਬੰਦੀ ਛੋੜ ਦਾਤਾ ਵਜੋਂ ਉਹਨਾਂ ਨੇ 52 ਰਾਜਿਆਂ ਨੂੰ ਗਵਾਲੀਅਰ ਦੇ ਕਿਲ੍ਹੇ ਤੋਂ ਰਿਹਾਅ ਕਰਵਾਇਆ।
ਗੁਰੂ ਜੀ ਦਾ ਜੀਵਨ ਸੰਤ ਸਿਪਾਹੀ ਦੀ ਮਿਸਾਲ ਹੈ।
ਉਹਨਾਂ ਨੇ ਜ਼ੁਲਮ ਦੇ ਵਿਰੁੱਧ ਲੜਾਈਆਂ ਲੜੀਆਂ ਅਤੇ ਜਿੱਤਾਂ ਪ੍ਰਾਪਤ ਕੀਤੀਆਂ।
ਸੰਗਤ ਅੱਜ ਵੀ ਉਹਨਾਂ ਦੇ ਉਪਦੇਸ਼ਾਂ ਨੂੰ ਯਾਦ ਕਰਦੀ ਹੈ।
ਧੰਨ ਗੁਰੂ ਹਰਿਗੋਬਿੰਦ ਸਾਹਿਬ ਜੀ ਦੀ ਮੀਰੀ ਪੀਰੀ ਦੀ ਸ਼ਾਨ
ਉਹਨਾਂ ਨੇ ਸ੍ਰੀ ਅਕਾਲ ਤਖ਼ਤ ਸਾਹਿਬ ਦੀ ਸਥਾਪਨਾ ਕੀਤੀ।
ਬੰਦੀ ਛੋੜ ਦਾਤਾ ਵਜੋਂ ਉਹਨਾਂ ਨੇ 52 ਰਾਜਿਆਂ ਨੂੰ ਗਵਾਲੀਅਰ ਦੇ ਕਿਲ੍ਹੇ ਤੋਂ ਰਿਹਾਅ ਕਰਵਾਇਆ।
ਉਹਨਾਂ ਨੇ ਜ਼ੁਲਮ ਦੇ ਵਿਰੁੱਧ ਲੜਾਈਆਂ ਲੜੀਆਂ ਅਤੇ ਜਿੱਤਾਂ ਪ੍ਰਾਪਤ ਕੀਤੀਆਂ।
ਸੁਰਜੀਤ ਸਿੰਘ
ਸੇਬ ਵੇਚਣ ਵਾਲਾ / ਮਿੰਨੀ ਕਹਾਣੀ
ਵਰਲਡ ਪੰਜਾਬੀ ਟਾਈਮਜ਼
ਵਰਲਡ ਪੰਜਾਬੀ ਟਾਈਮਜ਼
ਇੱਕ ਸਵੇਰੇ ਸਵੇਰੇ ਜਗਜੀਤ ਸਿੰਘ ਦੀ ਪਤਨੀ ਉਸ ਨੂੰ ਕਹਿਣ ਲੱਗੀ ਕਿ ਬਾਜ਼ਾਰ ਤੋਂ ਸੇਬ ਲੈ ਆਓ।
ਉਹ ਬਾਜ਼ਾਰ ਗਿਆ ਤਾਂ ਉਸ ਨੇ ਇੱਕ ਬਜ਼ੁਰਗ ਨੂੰ ਰੇੜ੍ਹੀ ਉੱਤੇ ਸੇਬ ਵੇਚਦੇ ਦੇਖਿਆ।
ਬਜ਼ੁਰਗ ਦੇ ਚਿਹਰੇ ਉੱਤੇ ਥਕਾਵਟ ਸੀ ਪਰ ਅੱਖਾਂ ਵਿੱਚ ਉਮੀਦ ਦੀ ਚਮਕ ਸੀ।
ਜਗਜੀਤ ਨੇ ਮੁੱਲ ਪੁੱਛਿਆ ਤਾਂ ਬਜ਼ੁਰਗ ਨੇ ਬਹੁਤ ਘੱਟ ਭਾਅ ਦੱਸਿਆ।
ਉਸ ਨੇ ਬਿਨਾਂ ਮੁੱਲ ਘਟਾਏ ਸੇਬ ਖਰੀਦੇ ਅਤੇ ਵੱਧ ਪੈਸੇ ਦੇ ਦਿੱਤੇ।
ਬਜ਼ੁਰਗ ਦੀਆਂ ਅੱਖਾਂ ਭਰ ਆਈਆਂ ਅਤੇ ਉਸ ਨੇ ਅਸੀਸਾਂ ਦਿੱਤੀਆਂ।
ਘਰ ਆ ਕੇ ਜਗਜੀਤ ਨੇ ਸੋਚਿਆ ਕਿ ਛੋਟੀ ਜਿਹੀ ਮਦਦ ਵੀ ਕਿਸੇ ਦਾ ਦਿਨ ਬਦਲ ਸਕਦੀ ਹੈ।
ਇਨਸਾਨੀਅਤ ਹੀ ਸਭ ਤੋਂ ਵੱਡਾ ਧਰਮ ਹੈ।
ਇਸ ਕਹਾਣੀ ਦਾ ਸੁਨੇਹਾ ਇਹ ਹੈ ਕਿ ਮਿਹਨਤਕਸ਼ ਲੋਕਾਂ ਦੀ ਕਦਰ ਕਰਨੀ ਚਾਹੀਦੀ ਹੈ।
ਸਾਨੂੰ ਸਭ ਨੂੰ ਇੱਕ ਦੂਜੇ ਦਾ ਸਾਥ ਦੇਣਾ ਚਾਹੀਦਾ ਹੈ।
ਅਸਲੀ ਖੁਸ਼ੀ ਦੇਣ ਵਿੱਚ ਹੈ, ਲੈਣ ਵਿੱਚ ਨਹੀਂ।
ਇੱਕ ਸਵੇਰੇ ਸਵੇਰੇ ਜਗਜੀਤ ਸਿੰਘ ਦੀ ਪਤਨੀ ਉਸ ਨੂੰ ਕਹਿਣ ਲੱਗੀ ਕਿ ਬਾਜ਼ਾਰ ਤੋਂ ਸੇਬ ਲੈ ਆਓ।
ਉਹ ਬਾਜ਼ਾਰ ਗਿਆ ਤਾਂ ਉਸ ਨੇ ਇੱਕ ਬਜ਼ੁਰਗ ਨੂੰ ਰੇੜ੍ਹੀ ਉੱਤੇ ਸੇਬ ਵੇਚਦੇ ਦੇਖਿਆ।
ਬਜ਼ੁਰਗ ਦੇ ਚਿਹਰੇ ਉੱਤੇ ਥਕਾਵਟ ਸੀ ਪਰ ਅੱਖਾਂ ਵਿੱਚ ਉਮੀਦ ਦੀ ਚਮਕ ਸੀ।
ਜਗਜੀਤ ਨੇ ਮੁੱਲ ਪੁੱਛਿਆ ਤਾਂ ਬਜ਼ੁਰਗ ਨੇ ਬਹੁਤ ਘੱਟ ਭਾਅ ਦੱਸਿਆ।
ਉਸ ਨੇ ਬਿਨਾਂ ਮੁੱਲ ਘਟਾਏ ਸੇਬ ਖਰੀਦੇ ਅਤੇ ਵੱਧ ਪੈਸੇ ਦੇ ਦਿੱਤੇ।
ਬਜ਼ੁਰਗ ਦੀਆਂ ਅੱਖਾਂ ਭਰ ਆਈਆਂ ਅਤੇ ਉਸ ਨੇ ਅਸੀਸਾਂ ਦਿੱਤੀਆਂ।
ਘਰ ਆ ਕੇ ਜਗਜੀਤ ਨੇ ਸੋਚਿਆ ਕਿ ਛੋਟੀ ਜਿਹੀ ਮਦਦ ਵੀ ਕਿਸੇ ਦਾ ਦਿਨ ਬਦਲ ਸਕਦੀ ਹੈ।
ਇਨਸਾਨੀਅਤ ਹੀ ਸਭ ਤੋਂ ਵੱਡਾ ਧਰਮ ਹੈ।
ਇਸ ਕਹਾਣੀ ਦਾ ਸੁਨੇਹਾ ਇਹ ਹੈ ਕਿ ਮਿਹਨਤਕਸ਼ ਲੋਕਾਂ ਦੀ ਕਦਰ ਕਰਨੀ ਚਾਹੀਦੀ ਹੈ।
ਸਾਨੂੰ ਸਭ ਨੂੰ ਇੱਕ ਦੂਜੇ ਦਾ ਸਾਥ ਦੇਣਾ ਚਾਹੀਦਾ ਹੈ।
ਅਸਲੀ ਖੁਸ਼ੀ ਦੇਣ ਵਿੱਚ ਹੈ, ਲੈਣ ਵਿੱਚ ਨਹੀਂ।
ਇੱਕ ਸਵੇਰੇ ਸਵੇਰੇ ਜਗਜੀਤ ਸਿੰਘ ਦੀ ਪਤਨੀ ਉਸ ਨੂੰ ਕਹਿਣ ਲੱਗੀ ਕਿ ਬਾਜ਼ਾਰ ਤੋਂ ਸੇਬ ਲੈ ਆਓ।
ਬਜ਼ੁਰਗ ਦੇ ਚਿਹਰੇ ਉੱਤੇ ਥਕਾਵਟ ਸੀ ਪਰ ਅੱਖਾਂ ਵਿੱਚ ਉਮੀਦ ਦੀ ਚਮਕ ਸੀ।
ਉਸ ਨੇ ਬਿਨਾਂ ਮੁੱਲ ਘਟਾਏ ਸੇਬ ਖਰੀਦੇ ਅਤੇ ਵੱਧ ਪੈਸੇ ਦੇ ਦਿੱਤੇ।
ਘਰ ਆ ਕੇ ਜਗਜੀਤ ਨੇ ਸੋਚਿਆ ਕਿ ਛੋਟੀ ਜਿਹੀ ਮਦਦ ਵੀ ਕਿਸੇ ਦਾ ਦਿਨ ਬਦਲ ਸਕਦੀ ਹੈ।
ਇਸ ਕਹਾਣੀ ਦਾ ਸੁਨੇਹਾ ਇਹ ਹੈ ਕਿ ਮਿਹਨਤਕਸ਼ ਲੋਕਾਂ ਦੀ ਕਦਰ ਕਰਨੀ ਚਾਹੀਦੀ ਹੈ।
ਅਸਲੀ ਖੁਸ਼ੀ ਦੇਣ ਵਿੱਚ ਹੈ, ਲੈਣ ਵਿੱਚ ਨਹੀਂ।
ਉਹ ਬਾਜ਼ਾਰ ਗਿਆ ਤਾਂ ਉਸ ਨੇ ਇੱਕ ਬਜ਼ੁਰਗ ਨੂੰ ਰੇੜ੍ਹੀ ਉੱਤੇ ਸੇਬ ਵੇਚਦੇ ਦੇਖਿਆ।
ਜਗਜੀਤ ਨੇ ਮੁੱਲ ਪੁੱਛਿਆ ਤਾਂ ਬਜ਼ੁਰਗ ਨੇ ਬਹੁਤ ਘੱਟ ਭਾਅ ਦੱਸਿਆ।
ਬਜ਼ੁਰਗ ਦੀਆਂ ਅੱਖਾਂ ਭਰ ਆਈਆਂ ਅਤੇ ਉਸ ਨੇ ਅਸੀਸਾਂ ਦਿੱਤੀਆਂ।
ਇਨਸਾਨੀਅਤ ਹੀ ਸਭ ਤੋਂ ਵੱਡਾ ਧਰਮ ਹੈ।
ਸਾਨੂੰ ਸਭ ਨੂੰ ਇੱਕ ਦੂਜੇ ਦਾ ਸਾਥ ਦੇਣਾ ਚਾਹੀਦਾ ਹੈ।
ਇੱਕ ਸਵੇਰੇ ਸਵੇਰੇ ਜਗਜੀਤ ਸਿੰਘ ਦੀ ਪਤਨੀ ਉਸ ਨੂੰ ਕਹਿਣ ਲੱਗੀ ਕਿ ਬਾਜ਼ਾਰ ਤੋਂ ਸੇਬ ਲੈ ਆਓ।
ਬਜ਼ੁਰਗ ਦੀਆਂ ਅੱਖਾਂ ਭਰ ਆਈਆਂ ਅਤੇ ਉਸ ਨੇ ਅਸੀਸਾਂ ਦਿੱਤੀਆਂ।
ਬਜ਼ੁਰਗ ਦੇ ਚਿਹਰੇ ਉੱਤੇ ਥਕਾਵਟ ਸੀ ਪਰ ਅੱਖਾਂ ਵਿੱਚ ਉਮੀਦ ਦੀ ਚਮਕ ਸੀ।
ਸਾਨੂੰ ਸਭ ਨੂੰ ਇੱਕ ਦੂਜੇ ਦਾ ਸਾਥ ਦੇਣਾ ਚਾਹੀਦਾ ਹੈ।
ਉਸ ਨੇ ਬਿਨਾਂ ਮੁੱਲ ਘਟਾਏ ਸੇਬ ਖਰੀਦੇ ਅਤੇ ਵੱਧ ਪੈਸੇ ਦੇ ਦਿੱਤੇ।
ਇਹਦੇ ਵੱਲ ਪੰਜਾਬੀ ਹੈ
ਵਰਲਡ ਪੰਜਾਬੀ ਟਾਈਮਜ਼
ਵਰਲਡ ਪੰਜਾਬੀ ਟਾਈਮਜ਼
ਬੋਲ ਪੰਜਾਬ
ਗੁਰੂਆਂ ਦੇ ਬੋਲ ਨੇ ਇੱਥੇ
ਕਿੰਨੇ ਹੀ ਰਤਨ ਵੇ ਪੰਜਾਬੀ ਦੇ
ਕਿੰਨੇ ਮਾਣ ਮਸ਼ਕਰ ਨਿਸ਼ਾਨ
ਇੱਕੋ ਇੱਕ ਪੰਜਾਬੀ ਹੈ।
ਜਿੱਥੇ ਬਾਬਾ ਫ਼ਰੀਦ ਜੀ ਦੀ ਬਾਣੀ ਗੂੰਜਦੀ ਹੈ,
ਜਿੱਥੇ ਵਾਰਿਸ ਸ਼ਾਹ ਦੀ ਹੀਰ ਗਾਈ ਜਾਂਦੀ ਹੈ।
ਮਾਂ ਬੋਲੀ ਪੰਜਾਬੀ ਸਾਡੀ ਪਛਾਣ ਹੈ,
ਇਸ ਦਾ ਸਤਿਕਾਰ ਕਰਨਾ ਸਾਡਾ ਫ਼ਰਜ਼ ਹੈ।
ਆਓ ਰਲ ਕੇ ਪੰਜਾਬੀ ਨੂੰ ਦੁਨੀਆ ਦੇ ਕੋਨੇ ਕੋਨੇ ਤੱਕ ਪਹੁੰਚਾਈਏ।
ਇਹੀ ਸਾਡੀ ਵਿਰਾਸਤ ਹੈ ਤੇ ਇਹੀ ਸਾਡਾ ਭਵਿੱਖ।
ਜਿੱਥੇ ਬਾਬਾ ਫ਼ਰੀਦ ਜੀ ਦੀ ਬਾਣੀ ਗੂੰਜਦੀ ਹੈ,
ਜਿੱਥੇ ਵਾਰਿਸ ਸ਼ਾਹ ਦੀ ਹੀਰ ਗਾਈ ਜਾਂਦੀ ਹੈ।
ਮਾਂ ਬੋਲੀ ਪੰਜਾਬੀ ਸਾਡੀ ਪਛਾਣ ਹੈ,
ਇਸ ਦਾ ਸਤਿਕਾਰ ਕਰਨਾ ਸਾਡਾ ਫ਼ਰਜ਼ ਹੈ।
ਆਓ ਰਲ ਕੇ ਪੰਜਾਬੀ ਨੂੰ ਦੁਨੀਆ ਦੇ ਕੋਨੇ ਕੋਨੇ ਤੱਕ ਪਹੁੰਚਾਈਏ।
ਇਹੀ ਸਾਡੀ ਵਿਰਾਸਤ ਹੈ ਤੇ ਇਹੀ ਸਾਡਾ ਭਵਿੱਖ।
